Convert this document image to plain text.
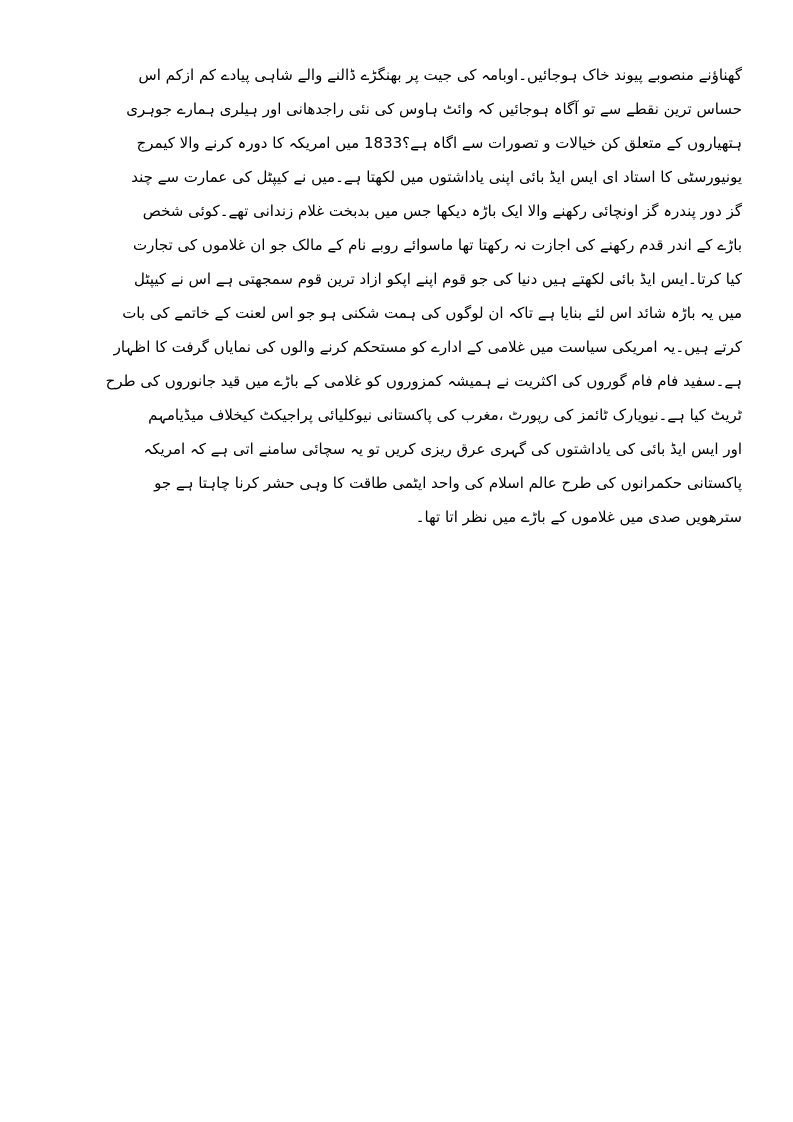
گھناؤنے منصوبے پیوند خاک ہوجائیں۔اوبامہ کی جیت پر بھنگڑے ڈالنے والے شاہی پیادے کم ازکم اس
حساس ترین نقطے سے تو آگاہ ہوجائیں کہ وائٹ ہاوس کی نئی راجدھانی اور ہیلری ہمارے جوہری
ہتھیاروں کے متعلق کن خیالات و تصورات سے اگاہ ہے؟1833 میں امریکہ کا دورہ کرنے والا کیمرج
یونیورسٹی کا استاد ای ایس ایڈ بائی اپنی یاداشتوں میں لکھتا ہے۔میں نے کیپٹل کی عمارت سے چند
گز دور پندرہ گز اونچائی رکھنے والا ایک باڑہ دیکھا جس میں بدبخت غلام زندانی تھے۔کوئی شخص
باڑے کے اندر قدم رکھنے کی اجازت نہ رکھتا تھا ماسوائے روبے نام کے مالک جو ان غلاموں کی تجارت
کیا کرتا۔ایس ایڈ بائی لکھتے ہیں دنیا کی جو قوم اپنے اپکو ازاد ترین قوم سمجھتی ہے اس نے کیپٹل
میں یہ باڑہ شائد اس لئے بنایا ہے تاکہ ان لوگوں کی ہمت شکنی ہو جو اس لعنت کے خاتمے کی بات
کرتے ہیں۔یہ امریکی سیاست میں غلامی کے ادارے کو مستحکم کرنے والوں کی نمایاں گرفت کا اظہار
ہے۔سفید فام فام گوروں کی اکثریت نے ہمیشہ کمزوروں کو غلامی کے باڑے میں قید جانوروں کی طرح
ٹریٹ کیا ہے۔نیویارک ٹائمز کی رپورٹ ،مغرب کی پاکستانی نیوکلیائی پراجیکٹ کیخلاف میڈیامہم
اور ایس ایڈ بائی کی یاداشتوں کی گہری عرق ریزی کریں تو یہ سچائی سامنے اتی ہے کہ امریکہ
پاکستانی حکمرانوں کی طرح عالم اسلام کی واحد ایٹمی طاقت کا وہی حشر کرنا چاہتا ہے جو
سترھویں صدی میں غلاموں کے باڑے میں نظر اتا تھا۔
